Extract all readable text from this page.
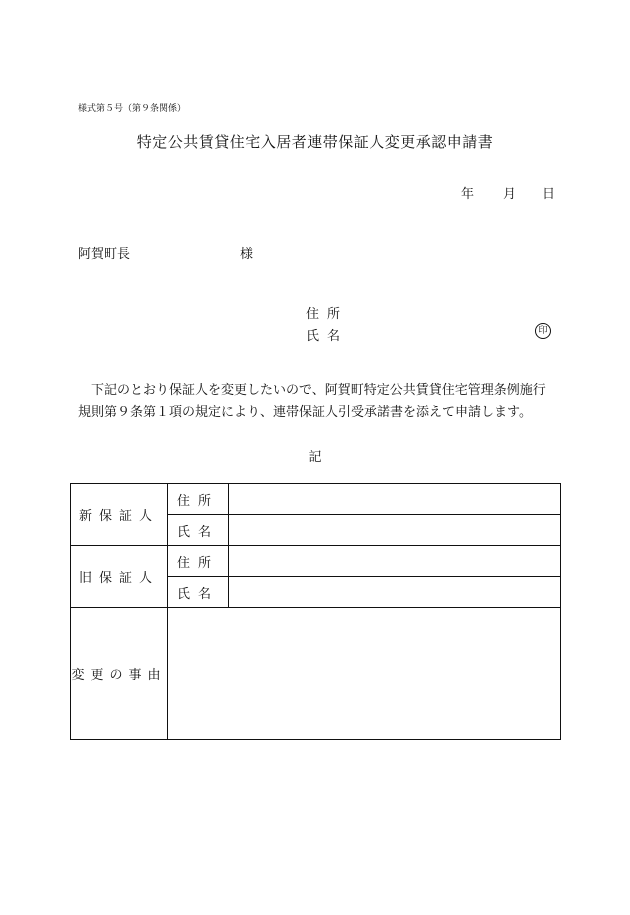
様式第５号（第９条関係）
特定公共賃貸住宅入居者連帯保証人変更承認申請書
年 月 日
阿賀町長	様
住所
氏名	印
下記のとおり保証人を変更したいので、阿賀町特定公共賃貸住宅管理条例施行規則第９条第１項の規定により、連帯保証人引受承諾書を添えて申請します。
記
新保証人	住所	
	氏名	
旧保証人	住所	
	氏名	
変更の事由		
